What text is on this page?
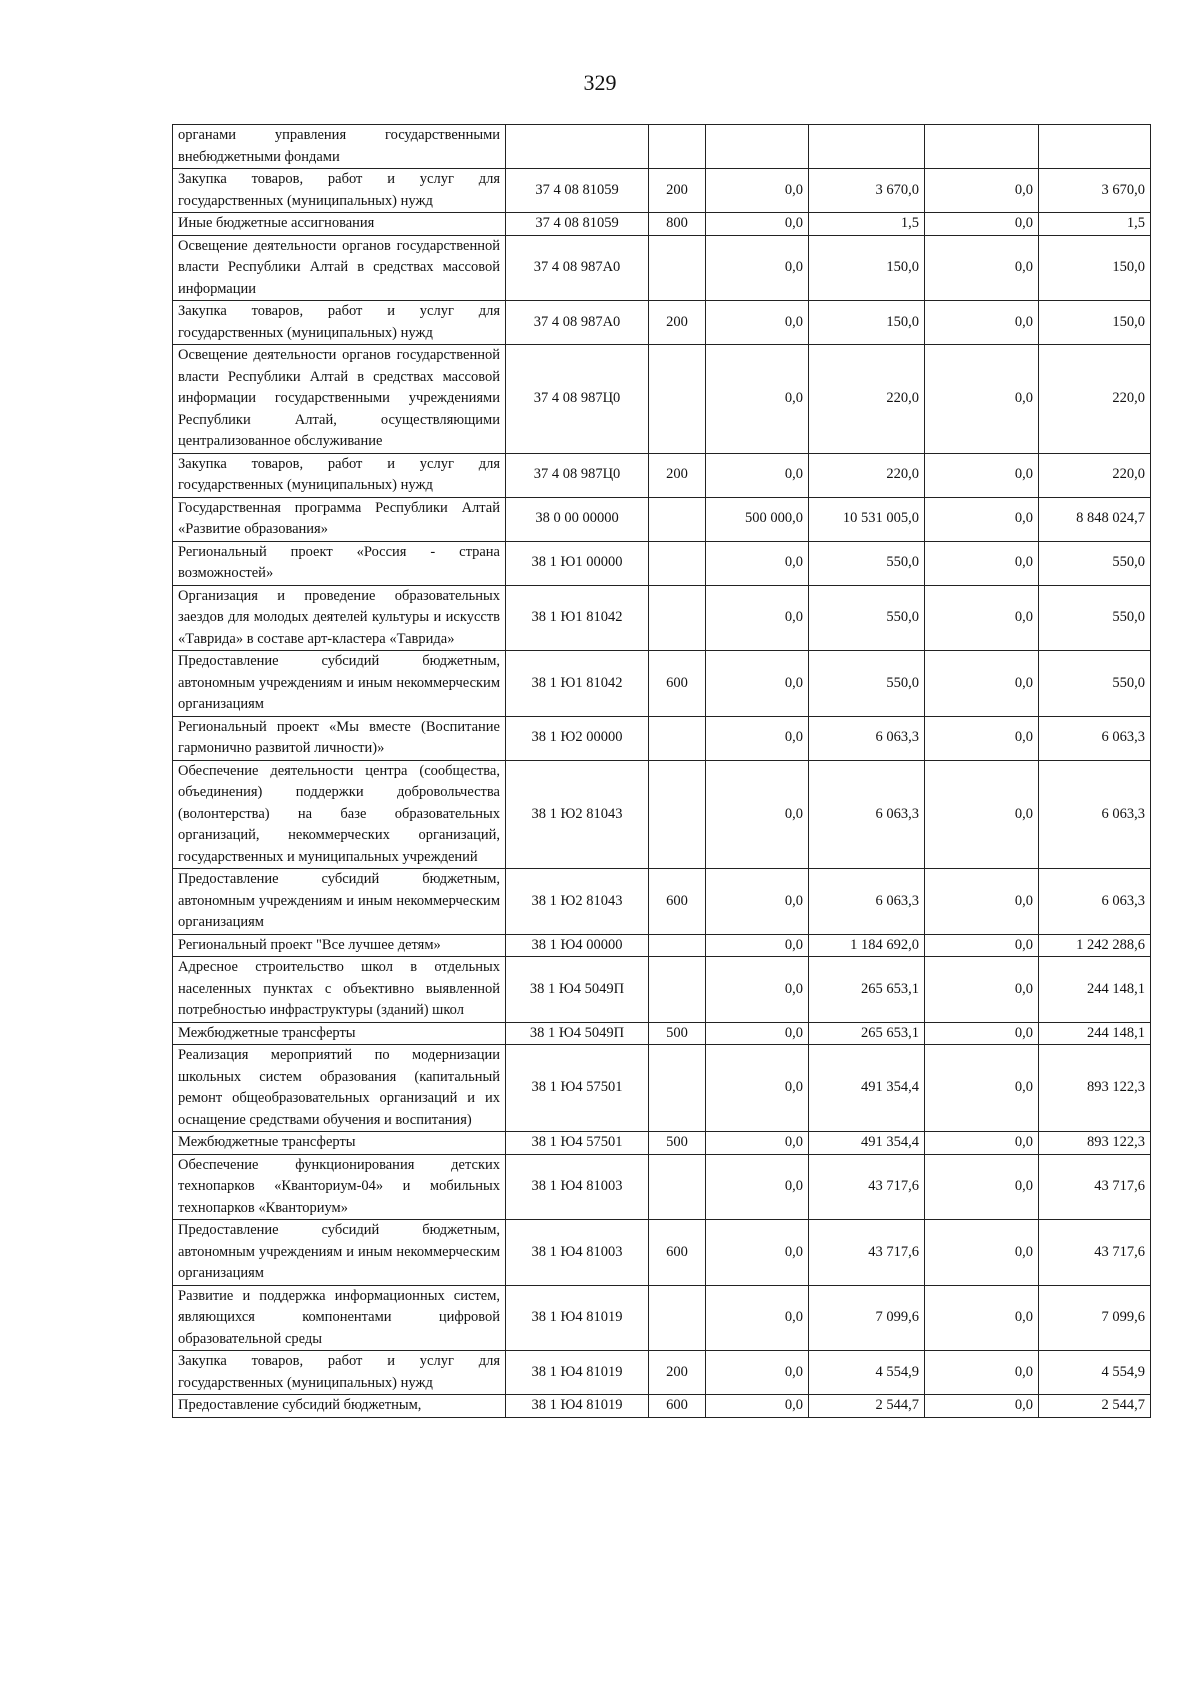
329
органами управления государственными внебюджетными фондами						
Закупка товаров, работ и услуг для государственных (муниципальных) нужд	37 4 08 81059	200	0,0	3 670,0	0,0	3 670,0
Иные бюджетные ассигнования	37 4 08 81059	800	0,0	1,5	0,0	1,5
Освещение деятельности органов государственной власти Республики Алтай в средствах массовой информации	37 4 08 987А0		0,0	150,0	0,0	150,0
Закупка товаров, работ и услуг для государственных (муниципальных) нужд	37 4 08 987А0	200	0,0	150,0	0,0	150,0
Освещение деятельности органов государственной власти Республики Алтай в средствах массовой информации государственными учреждениями Республики Алтай, осуществляющими централизованное обслуживание	37 4 08 987Ц0		0,0	220,0	0,0	220,0
Закупка товаров, работ и услуг для государственных (муниципальных) нужд	37 4 08 987Ц0	200	0,0	220,0	0,0	220,0
Государственная программа Республики Алтай «Развитие образования»	38 0 00 00000		500 000,0	10 531 005,0	0,0	8 848 024,7
Региональный проект «Россия - страна возможностей»	38 1 Ю1 00000		0,0	550,0	0,0	550,0
Организация и проведение образовательных заездов для молодых деятелей культуры и искусств «Таврида» в составе арт-кластера «Таврида»	38 1 Ю1 81042		0,0	550,0	0,0	550,0
Предоставление субсидий бюджетным, автономным учреждениям и иным некоммерческим организациям	38 1 Ю1 81042	600	0,0	550,0	0,0	550,0
Региональный проект «Мы вместе (Воспитание гармонично развитой личности)»	38 1 Ю2 00000		0,0	6 063,3	0,0	6 063,3
Обеспечение деятельности центра (сообщества, объединения) поддержки добровольчества (волонтерства) на базе образовательных организаций, некоммерческих организаций, государственных и муниципальных учреждений	38 1 Ю2 81043		0,0	6 063,3	0,0	6 063,3
Предоставление субсидий бюджетным, автономным учреждениям и иным некоммерческим организациям	38 1 Ю2 81043	600	0,0	6 063,3	0,0	6 063,3
Региональный проект "Все лучшее детям»	38 1 Ю4 00000		0,0	1 184 692,0	0,0	1 242 288,6
Адресное строительство школ в отдельных населенных пунктах с объективно выявленной потребностью инфраструктуры (зданий) школ	38 1 Ю4 5049П		0,0	265 653,1	0,0	244 148,1
Межбюджетные трансферты	38 1 Ю4 5049П	500	0,0	265 653,1	0,0	244 148,1
Реализация мероприятий по модернизации школьных систем образования (капитальный ремонт общеобразовательных организаций и их оснащение средствами обучения и воспитания)	38 1 Ю4 57501		0,0	491 354,4	0,0	893 122,3
Межбюджетные трансферты	38 1 Ю4 57501	500	0,0	491 354,4	0,0	893 122,3
Обеспечение функционирования детских технопарков «Кванториум-04» и мобильных технопарков «Кванториум»	38 1 Ю4 81003		0,0	43 717,6	0,0	43 717,6
Предоставление субсидий бюджетным, автономным учреждениям и иным некоммерческим организациям	38 1 Ю4 81003	600	0,0	43 717,6	0,0	43 717,6
Развитие и поддержка информационных систем, являющихся компонентами цифровой образовательной среды	38 1 Ю4 81019		0,0	7 099,6	0,0	7 099,6
Закупка товаров, работ и услуг для государственных (муниципальных) нужд	38 1 Ю4 81019	200	0,0	4 554,9	0,0	4 554,9
Предоставление субсидий бюджетным,	38 1 Ю4 81019	600	0,0	2 544,7	0,0	2 544,7
